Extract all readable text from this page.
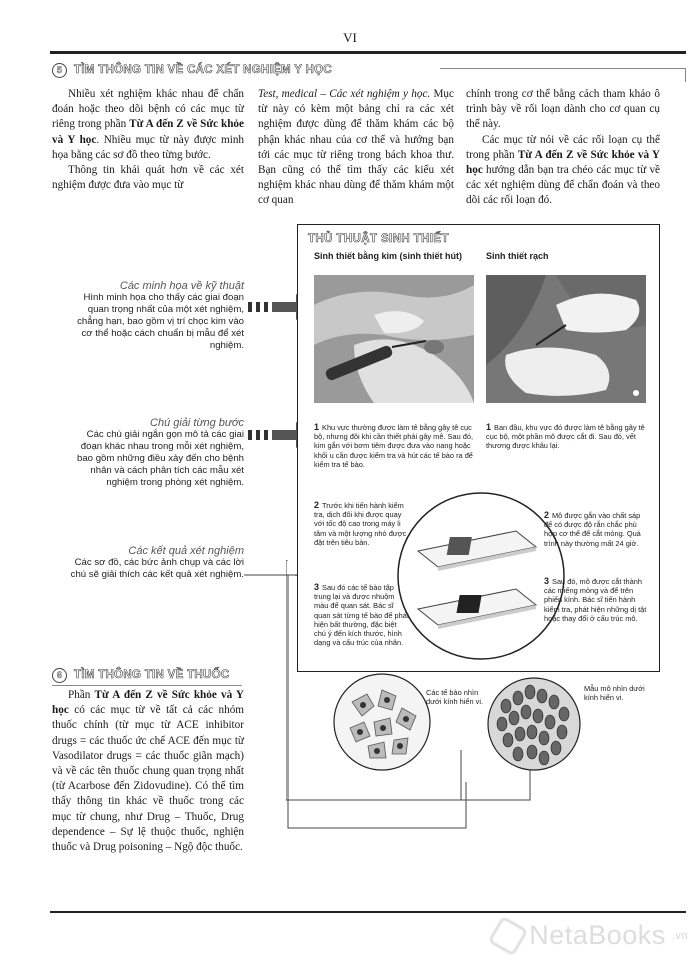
VI
5	TÌM THÔNG TIN VỀ CÁC XÉT NGHIỆM Y HỌC

Nhiều xét nghiệm khác nhau để chẩn đoán hoặc theo dõi bệnh có các mục từ riêng trong phần Từ A đến Z về Sức khỏe và Y học. Nhiều mục từ này được minh họa bằng các sơ đồ theo từng bước.

Thông tin khái quát hơn về các xét nghiệm được đưa vào mục từ

Test, medical – Các xét nghiệm y học. Mục từ này có kèm một bảng chỉ ra các xét nghiệm được dùng để thăm khám các bộ phận khác nhau của cơ thể và hướng bạn tới các mục từ riêng trong bách khoa thư. Bạn cũng có thể tìm thấy các kiểu xét nghiệm khác nhau dùng để thăm khám một cơ quan

chính trong cơ thể bằng cách tham khảo ô trình bày về rối loạn dành cho cơ quan cụ thể này.

Các mục từ nói về các rối loạn cụ thể trong phần Từ A đến Z về Sức khỏe và Y học hướng dẫn bạn tra chéo các mục từ về các xét nghiệm dùng để chẩn đoán và theo dõi các rối loạn đó.

Các minh họa về kỹ thuật
Hình minh họa cho thấy các giai đoạn quan trọng nhất của một xét nghiệm, chẳng hạn, bao gồm vị trí chọc kim vào cơ thể hoặc cách chuẩn bị mẫu để xét nghiệm.
Chú giải từng bước
Các chú giải ngắn gọn mô tả các giai đoạn khác nhau trong mỗi xét nghiệm, bao gồm những điều xảy đến cho bệnh nhân và cách phân tích các mẫu xét nghiệm trong phòng xét nghiệm.
Các kết quả xét nghiệm
Các sơ đồ, các bức ảnh chụp và các lời chú sẽ giải thích các kết quả xét nghiệm.
THỦ THUẬT SINH THIẾT
Sinh thiết bằng kim (sinh thiết hút)	Sinh thiết rạch
1 Khu vực thường được làm tê bằng gây tê cục bộ, nhưng đôi khi cần thiết phải gây mê. Sau đó, kim gắn với bơm tiêm được đưa vào nang hoặc khối u cần được kiểm tra và hút các tế bào ra để kiểm tra tế bào.
1 Ban đầu, khu vực đó được làm tê bằng gây tê cục bộ, một phần mô được cắt đi. Sau đó, vết thương được khâu lại.
2 Trước khi tiến hành kiểm tra, dịch đôi khi được quay với tốc độ cao trong máy li tâm và một lượng nhỏ được đặt trên tiêu bản.
2 Mô được gắn vào chất sáp để có được độ rắn chắc phù hợp cơ thể để cắt mỏng. Quá trình này thường mất 24 giờ.
3 Sau đó các tế bào tập trung lại và được nhuộm màu để quan sát. Bác sĩ quan sát từng tế bào để phát hiện bất thường, đặc biệt chú ý đến kích thước, hình dạng và cấu trúc của nhân.
3 Sau đó, mô được cắt thành các miếng mỏng và để trên phiến kính. Bác sĩ tiến hành kiểm tra, phát hiện những dị tật hoặc thay đổi ở cấu trúc mô.
Các tế bào nhìn dưới kính hiển vi.
Mẫu mô nhìn dưới kính hiển vi.
6	TÌM THÔNG TIN VỀ THUỐC

Phần Từ A đến Z về Sức khỏe và Y học có các mục từ về tất cả các nhóm thuốc chính (từ mục từ ACE inhibitor drugs = các thuốc ức chế ACE đến mục từ Vasodilator drugs = các thuốc giãn mạch) và về các tên thuốc chung quan trọng nhất (từ Acarbose đến Zidovudine). Có thể tìm thấy thông tin khác về thuốc trong các mục từ chung, như Drug – Thuốc, Drug dependence – Sự lệ thuộc thuốc, nghiện thuốc và Drug poisoning – Ngộ độc thuốc.

NetaBooks .vn
